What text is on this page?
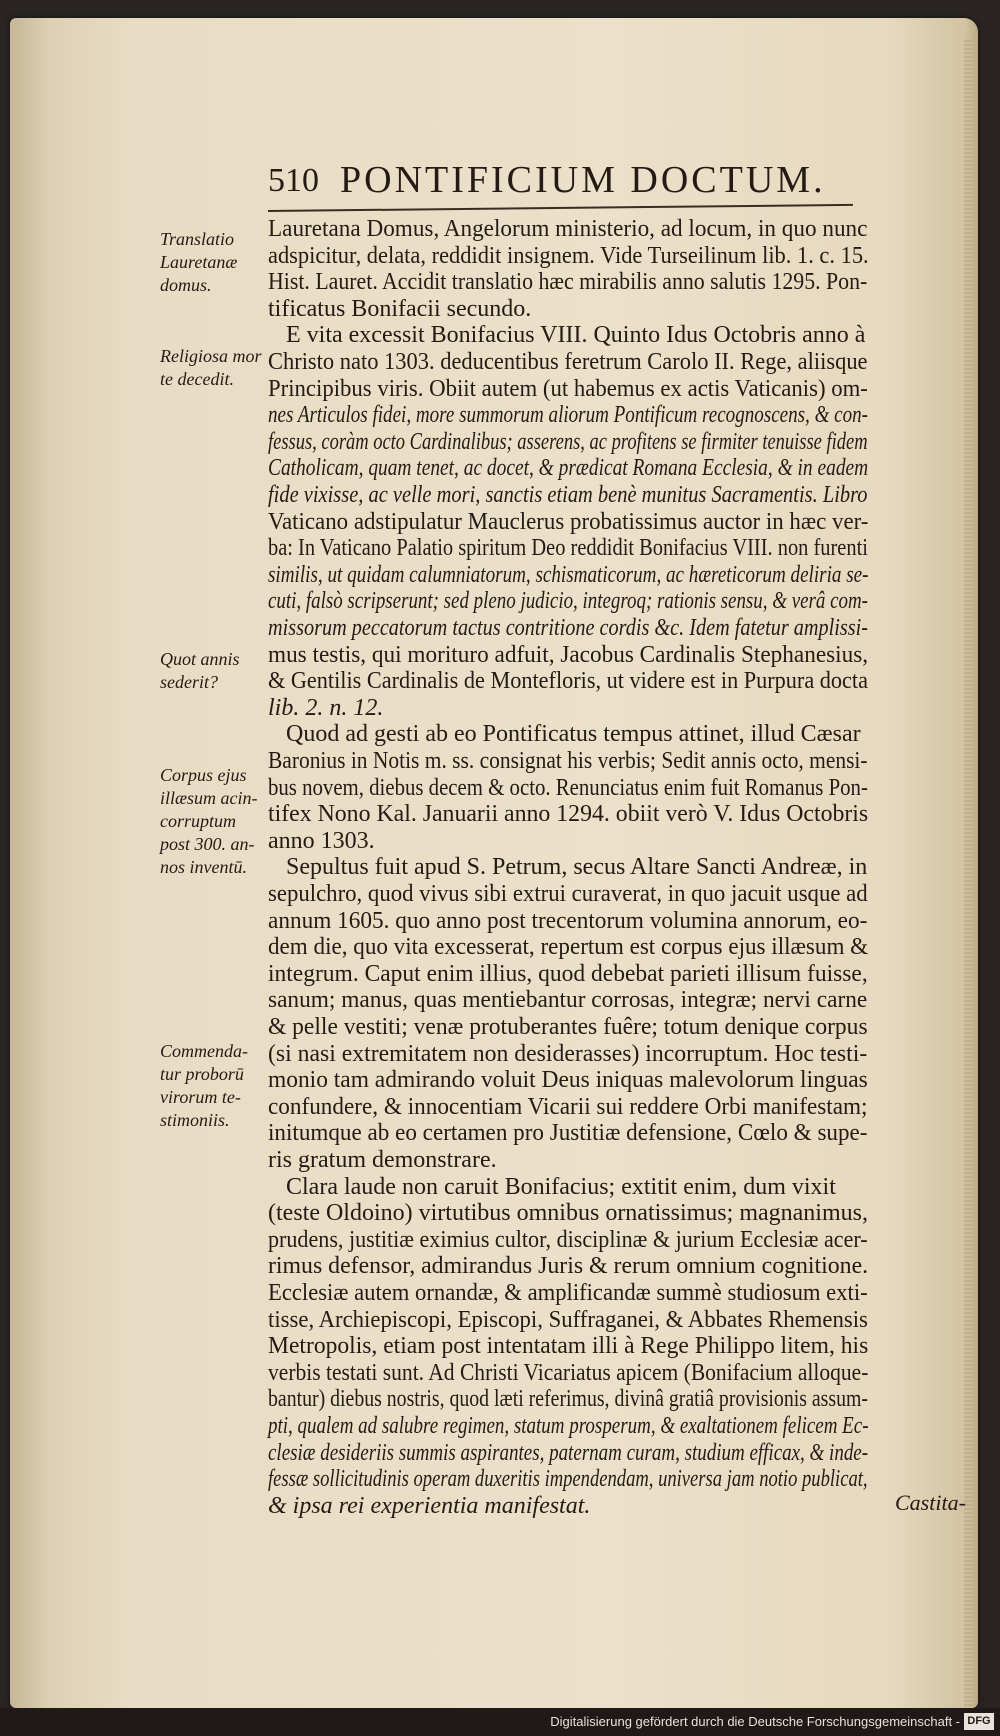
510 PONTIFICIUM DOCTUM.
Translatio
Lauretanæ
domus.
Religiosa mor
te decedit.
Quot annis
sederit?
Corpus ejus
illæsum acin-
corruptum
post 300. an-
nos inventū.
Commenda-
tur proborū
virorum te-
stimoniis.
Lauretana Domus, Angelorum ministerio, ad locum, in quo nunc
adspicitur, delata, reddidit insignem. Vide Turseilinum lib. 1. c. 15.
Hist. Lauret. Accidit translatio hæc mirabilis anno salutis 1295. Pon-
tificatus Bonifacii secundo.
E vita excessit Bonifacius VIII. Quinto Idus Octobris anno à
Christo nato 1303. deducentibus feretrum Carolo II. Rege, aliisque
Principibus viris. Obiit autem (ut habemus ex actis Vaticanis) om-
nes Articulos fidei, more summorum aliorum Pontificum recognoscens, & con-
fessus, coràm octo Cardinalibus; asserens, ac profitens se firmiter tenuisse fidem
Catholicam, quam tenet, ac docet, & prædicat Romana Ecclesia, & in eadem
fide vixisse, ac velle mori, sanctis etiam benè munitus Sacramentis. Libro
Vaticano adstipulatur Mauclerus probatissimus auctor in hæc ver-
ba: In Vaticano Palatio spiritum Deo reddidit Bonifacius VIII. non furenti
similis, ut quidam calumniatorum, schismaticorum, ac hæreticorum deliria se-
cuti, falsò scripserunt; sed pleno judicio, integroq; rationis sensu, & verâ com-
missorum peccatorum tactus contritione cordis &c. Idem fatetur amplissi-
mus testis, qui morituro adfuit, Jacobus Cardinalis Stephanesius,
& Gentilis Cardinalis de Montefloris, ut videre est in Purpura docta
lib. 2. n. 12.
Quod ad gesti ab eo Pontificatus tempus attinet, illud Cæsar
Baronius in Notis m. ss. consignat his verbis; Sedit annis octo, mensi-
bus novem, diebus decem & octo. Renunciatus enim fuit Romanus Pon-
tifex Nono Kal. Januarii anno 1294. obiit verò V. Idus Octobris
anno 1303.
Sepultus fuit apud S. Petrum, secus Altare Sancti Andreæ, in
sepulchro, quod vivus sibi extrui curaverat, in quo jacuit usque ad
annum 1605. quo anno post trecentorum volumina annorum, eo-
dem die, quo vita excesserat, repertum est corpus ejus illæsum &
integrum. Caput enim illius, quod debebat parieti illisum fuisse,
sanum; manus, quas mentiebantur corrosas, integræ; nervi carne
& pelle vestiti; venæ protuberantes fuêre; totum denique corpus
(si nasi extremitatem non desiderasses) incorruptum. Hoc testi-
monio tam admirando voluit Deus iniquas malevolorum linguas
confundere, & innocentiam Vicarii sui reddere Orbi manifestam;
initumque ab eo certamen pro Justitiæ defensione, Cœlo & supe-
ris gratum demonstrare.
Clara laude non caruit Bonifacius; extitit enim, dum vixit
(teste Oldoino) virtutibus omnibus ornatissimus; magnanimus,
prudens, justitiæ eximius cultor, disciplinæ & jurium Ecclesiæ acer-
rimus defensor, admirandus Juris & rerum omnium cognitione.
Ecclesiæ autem ornandæ, & amplificandæ summè studiosum exti-
tisse, Archiepiscopi, Episcopi, Suffraganei, & Abbates Rhemensis
Metropolis, etiam post intentatam illi à Rege Philippo litem, his
verbis testati sunt. Ad Christi Vicariatus apicem (Bonifacium alloque-
bantur) diebus nostris, quod læti referimus, divinâ gratiâ provisionis assum-
pti, qualem ad salubre regimen, statum prosperum, & exaltationem felicem Ec-
clesiæ desideriis summis aspirantes, paternam curam, studium efficax, & inde-
fessæ sollicitudinis operam duxeritis impendendam, universa jam notio publicat,
& ipsa rei experientia manifestat.	Castita-
Digitalisierung gefördert durch die Deutsche Forschungsgemeinschaft - DFG
